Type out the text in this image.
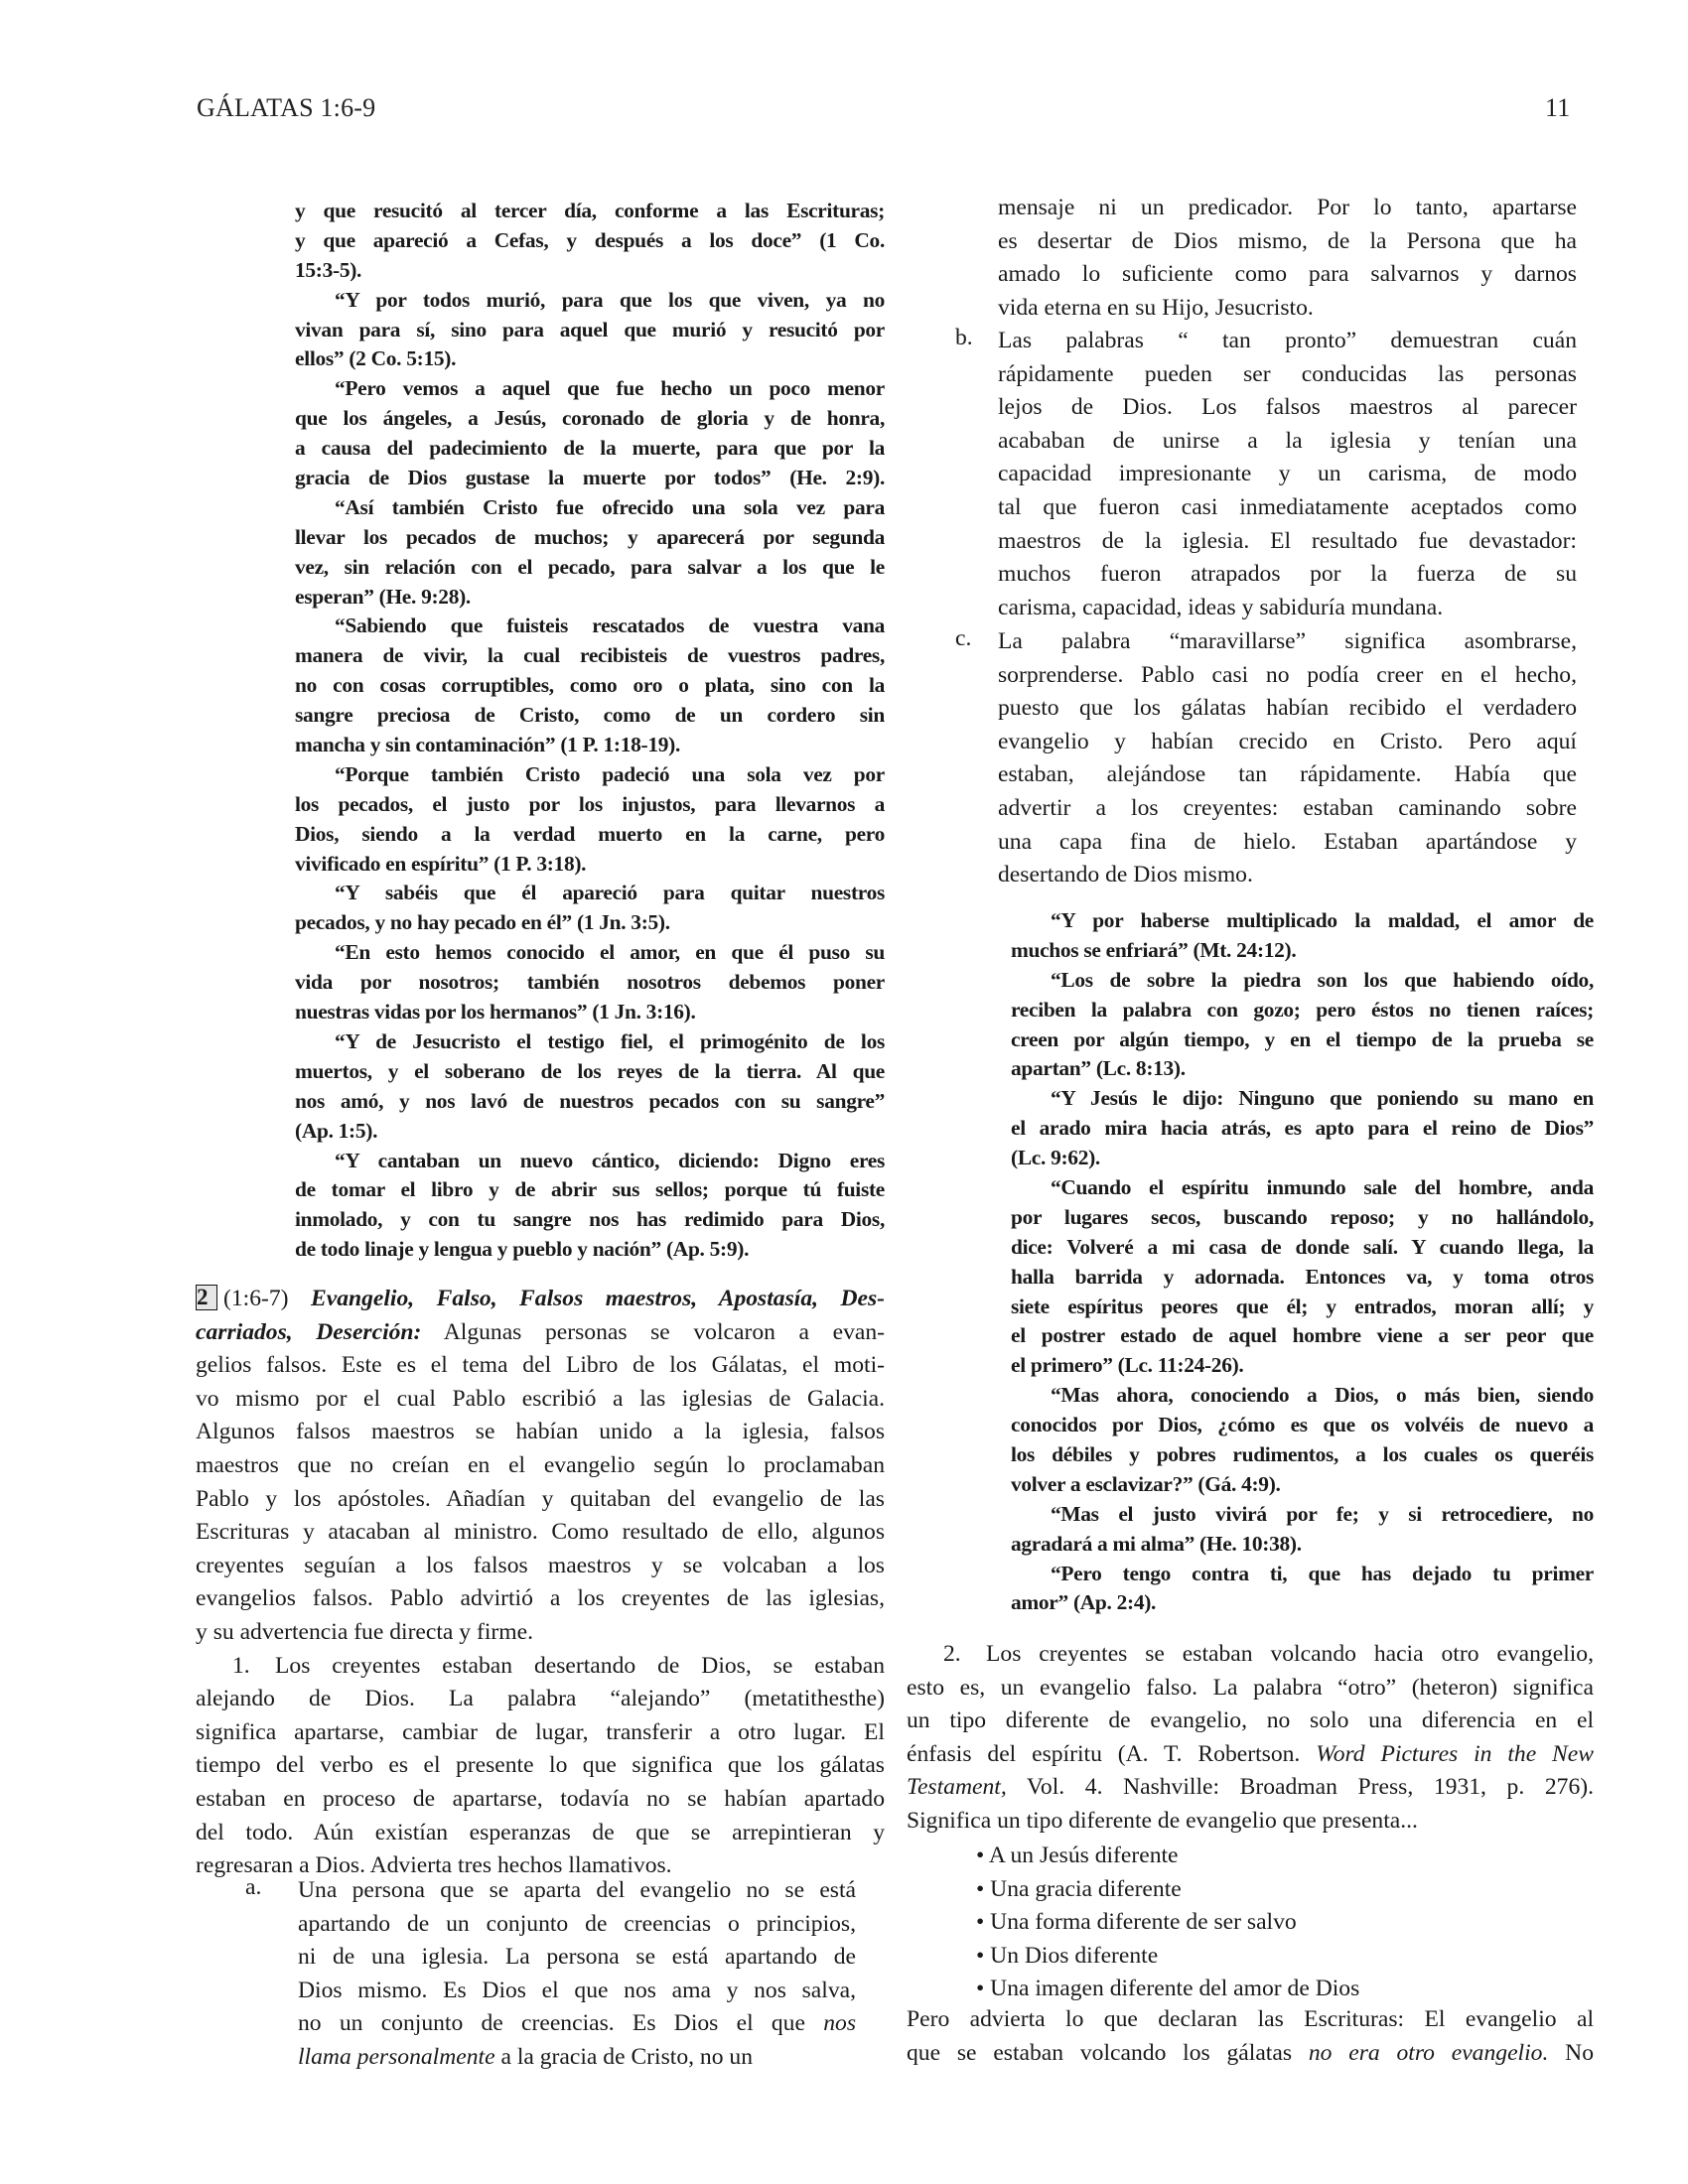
GÁLATAS 1:6-9	11
y que resucitó al tercer día, conforme a las Escrituras;
y que apareció a Cefas, y después a los doce” (1 Co.
15:3-5).
“Y por todos murió, para que los que viven, ya no
vivan para sí, sino para aquel que murió y resucitó por
ellos” (2 Co. 5:15).
“Pero vemos a aquel que fue hecho un poco menor
que los ángeles, a Jesús, coronado de gloria y de honra,
a causa del padecimiento de la muerte, para que por la
gracia de Dios gustase la muerte por todos” (He. 2:9).
“Así también Cristo fue ofrecido una sola vez para
llevar los pecados de muchos; y aparecerá por segunda
vez, sin relación con el pecado, para salvar a los que le
esperan” (He. 9:28).
“Sabiendo que fuisteis rescatados de vuestra vana
manera de vivir, la cual recibisteis de vuestros padres,
no con cosas corruptibles, como oro o plata, sino con la
sangre preciosa de Cristo, como de un cordero sin
mancha y sin contaminación” (1 P. 1:18-19).
“Porque también Cristo padeció una sola vez por
los pecados, el justo por los injustos, para llevarnos a
Dios, siendo a la verdad muerto en la carne, pero
vivificado en espíritu” (1 P. 3:18).
“Y sabéis que él apareció para quitar nuestros
pecados, y no hay pecado en él” (1 Jn. 3:5).
“En esto hemos conocido el amor, en que él puso su
vida por nosotros; también nosotros debemos poner
nuestras vidas por los hermanos” (1 Jn. 3:16).
“Y de Jesucristo el testigo fiel, el primogénito de los
muertos, y el soberano de los reyes de la tierra. Al que
nos amó, y nos lavó de nuestros pecados con su sangre”
(Ap. 1:5).
“Y cantaban un nuevo cántico, diciendo: Digno eres
de tomar el libro y de abrir sus sellos; porque tú fuiste
inmolado, y con tu sangre nos has redimido para Dios,
de todo linaje y lengua y pueblo y nación” (Ap. 5:9).
2 (1:6-7) Evangelio, Falso, Falsos maestros, Apostasía, Des-
carriados, Deserción: Algunas personas se volcaron a evan-
gelios falsos. Este es el tema del Libro de los Gálatas, el moti-
vo mismo por el cual Pablo escribió a las iglesias de Galacia.
Algunos falsos maestros se habían unido a la iglesia, falsos
maestros que no creían en el evangelio según lo proclamaban
Pablo y los apóstoles. Añadían y quitaban del evangelio de las
Escrituras y atacaban al ministro. Como resultado de ello, algunos
creyentes seguían a los falsos maestros y se volcaban a los
evangelios falsos. Pablo advirtió a los creyentes de las iglesias,
y su advertencia fue directa y firme.
1. Los creyentes estaban desertando de Dios, se estaban
alejando de Dios. La palabra “alejando” (metatithesthe)
significa apartarse, cambiar de lugar, transferir a otro lugar. El
tiempo del verbo es el presente lo que significa que los gálatas
estaban en proceso de apartarse, todavía no se habían apartado
del todo. Aún existían esperanzas de que se arrepintieran y
regresaran a Dios. Advierta tres hechos llamativos.
a. Una persona que se aparta del evangelio no se está
apartando de un conjunto de creencias o principios,
ni de una iglesia. La persona se está apartando de
Dios mismo. Es Dios el que nos ama y nos salva,
no un conjunto de creencias. Es Dios el que nos
llama personalmente a la gracia de Cristo, no un
mensaje ni un predicador. Por lo tanto, apartarse
es desertar de Dios mismo, de la Persona que ha
amado lo suficiente como para salvarnos y darnos
vida eterna en su Hijo, Jesucristo.
b. Las palabras “ tan pronto” demuestran cuán
rápidamente pueden ser conducidas las personas
lejos de Dios. Los falsos maestros al parecer
acababan de unirse a la iglesia y tenían una
capacidad impresionante y un carisma, de modo
tal que fueron casi inmediatamente aceptados como
maestros de la iglesia. El resultado fue devastador:
muchos fueron atrapados por la fuerza de su
carisma, capacidad, ideas y sabiduría mundana.
c. La palabra “maravillarse” significa asombrarse,
sorprenderse. Pablo casi no podía creer en el hecho,
puesto que los gálatas habían recibido el verdadero
evangelio y habían crecido en Cristo. Pero aquí
estaban, alejándose tan rápidamente. Había que
advertir a los creyentes: estaban caminando sobre
una capa fina de hielo. Estaban apartándose y
desertando de Dios mismo.
“Y por haberse multiplicado la maldad, el amor de
muchos se enfriará” (Mt. 24:12).
“Los de sobre la piedra son los que habiendo oído,
reciben la palabra con gozo; pero éstos no tienen raíces;
creen por algún tiempo, y en el tiempo de la prueba se
apartan” (Lc. 8:13).
“Y Jesús le dijo: Ninguno que poniendo su mano en
el arado mira hacia atrás, es apto para el reino de Dios”
(Lc. 9:62).
“Cuando el espíritu inmundo sale del hombre, anda
por lugares secos, buscando reposo; y no hallándolo,
dice: Volveré a mi casa de donde salí. Y cuando llega, la
halla barrida y adornada. Entonces va, y toma otros
siete espíritus peores que él; y entrados, moran allí; y
el postrer estado de aquel hombre viene a ser peor que
el primero” (Lc. 11:24-26).
“Mas ahora, conociendo a Dios, o más bien, siendo
conocidos por Dios, ¿cómo es que os volvéis de nuevo a
los débiles y pobres rudimentos, a los cuales os queréis
volver a esclavizar?” (Gá. 4:9).
“Mas el justo vivirá por fe; y si retrocediere, no
agradará a mi alma” (He. 10:38).
“Pero tengo contra ti, que has dejado tu primer
amor” (Ap. 2:4).
2. Los creyentes se estaban volcando hacia otro evangelio,
esto es, un evangelio falso. La palabra “otro” (heteron) significa
un tipo diferente de evangelio, no solo una diferencia en el
énfasis del espíritu (A. T. Robertson. Word Pictures in the New
Testament, Vol. 4. Nashville: Broadman Press, 1931, p. 276).
Significa un tipo diferente de evangelio que presenta...
• A un Jesús diferente
• Una gracia diferente
• Una forma diferente de ser salvo
• Un Dios diferente
• Una imagen diferente del amor de Dios
Pero advierta lo que declaran las Escrituras: El evangelio al
que se estaban volcando los gálatas no era otro evangelio. No
